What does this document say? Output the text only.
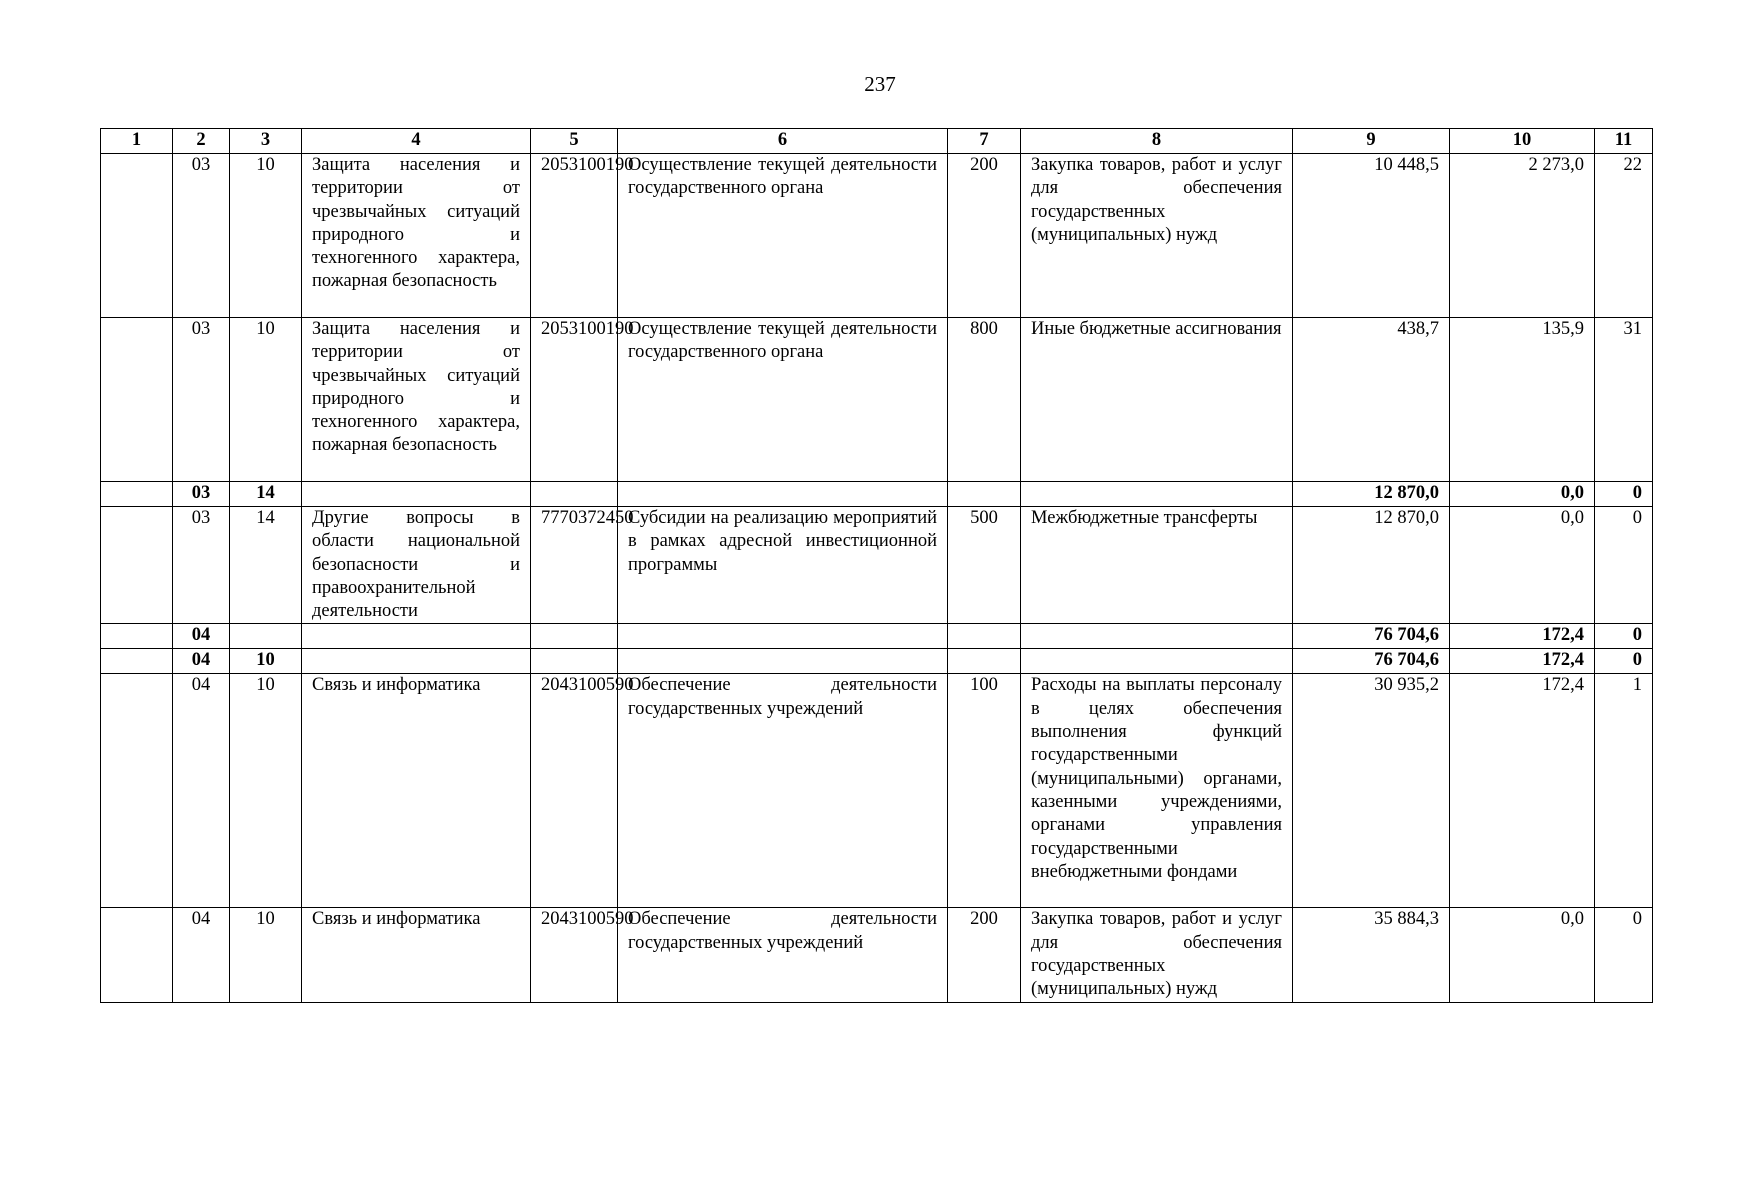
237
1	2	3	4	5	6	7	8	9	10	11
	03	10	Защита населения и территории от чрезвычайных ситуаций природного и техногенного характера, пожарная безопасность	2053100190	Осуществление текущей деятельности государственного органа	200	Закупка товаров, работ и услуг для обеспечения государственных (муниципальных) нужд	10 448,5	2 273,0	22
	03	10	Защита населения и территории от чрезвычайных ситуаций природного и техногенного характера, пожарная безопасность	2053100190	Осуществление текущей деятельности государственного органа	800	Иные бюджетные ассигнования	438,7	135,9	31
	03	14						12 870,0	0,0	0
	03	14	Другие вопросы в области национальной безопасности и правоохранительной деятельности	7770372450	Субсидии на реализацию мероприятий в рамках адресной инвестиционной программы	500	Межбюджетные трансферты	12 870,0	0,0	0
	04							76 704,6	172,4	0
	04	10						76 704,6	172,4	0
	04	10	Связь и информатика	2043100590	Обеспечение деятельности государственных учреждений	100	Расходы на выплаты персоналу в целях обеспечения выполнения функций государственными (муниципальными) органами, казенными учреждениями, органами управления государственными внебюджетными фондами	30 935,2	172,4	1
	04	10	Связь и информатика	2043100590	Обеспечение деятельности государственных учреждений	200	Закупка товаров, работ и услуг для обеспечения государственных (муниципальных) нужд	35 884,3	0,0	0
